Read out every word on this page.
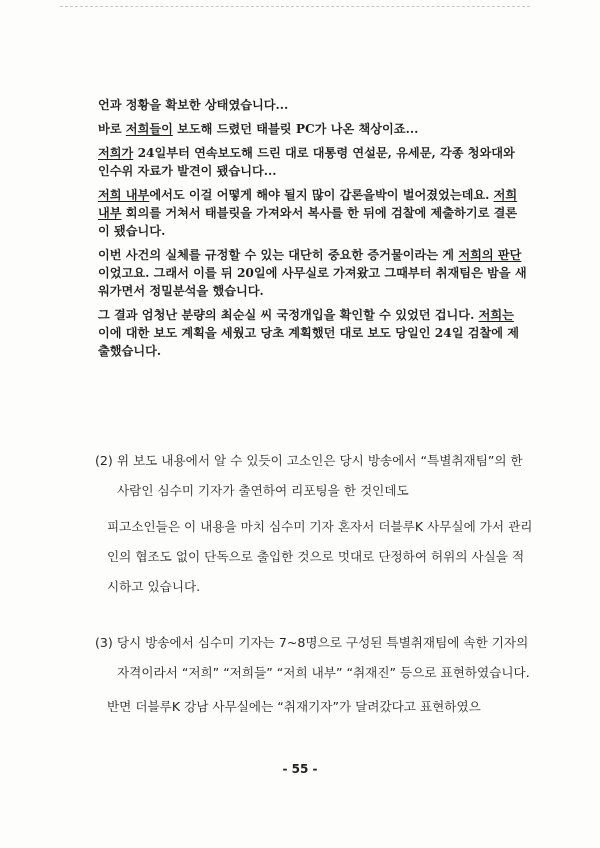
언과 정황을 확보한 상태였습니다...

바로 저희들이 보도해 드렸던 태블릿 PC가 나온 책상이죠...

저희가 24일부터 연속보도해 드린 대로 대통령 연설문, 유세문, 각종 청와대와 인수위 자료가 발견이 됐습니다...

저희 내부에서도 이걸 어떻게 해야 될지 많이 갑론을박이 벌어졌었는데요. 저희 내부 회의를 거쳐서 태블릿을 가져와서 복사를 한 뒤에 검찰에 제출하기로 결론이 됐습니다.

이번 사건의 실체를 규정할 수 있는 대단히 중요한 증거물이라는 게 저희의 판단이었고요. 그래서 이를 뒤 20일에 사무실로 가져왔고 그때부터 취재팀은 밤을 새워가면서 정밀분석을 했습니다.

그 결과 엄청난 분량의 최순실 씨 국정개입을 확인할 수 있었던 겁니다. 저희는 이에 대한 보도 계획을 세웠고 당초 계획했던 대로 보도 당일인 24일 검찰에 제출했습니다.

(2) 위 보도 내용에서 알 수 있듯이 고소인은 당시 방송에서 “특별취재팀”의 한 사람인 심수미 기자가 출연하여 리포팅을 한 것인데도

피고소인들은 이 내용을 마치 심수미 기자 혼자서 더블루K 사무실에 가서 관리인의 협조도 없이 단독으로 출입한 것으로 멋대로 단정하여 허위의 사실을 적시하고 있습니다.

(3) 당시 방송에서 심수미 기자는 7~8명으로 구성된 특별취재팀에 속한 기자의 자격이라서 “저희” “저희들” “저희 내부” “취재진” 등으로 표현하였습니다.

반면 더블루K 강남 사무실에는 “취재기자”가 달려갔다고 표현하였으

- 55 -
